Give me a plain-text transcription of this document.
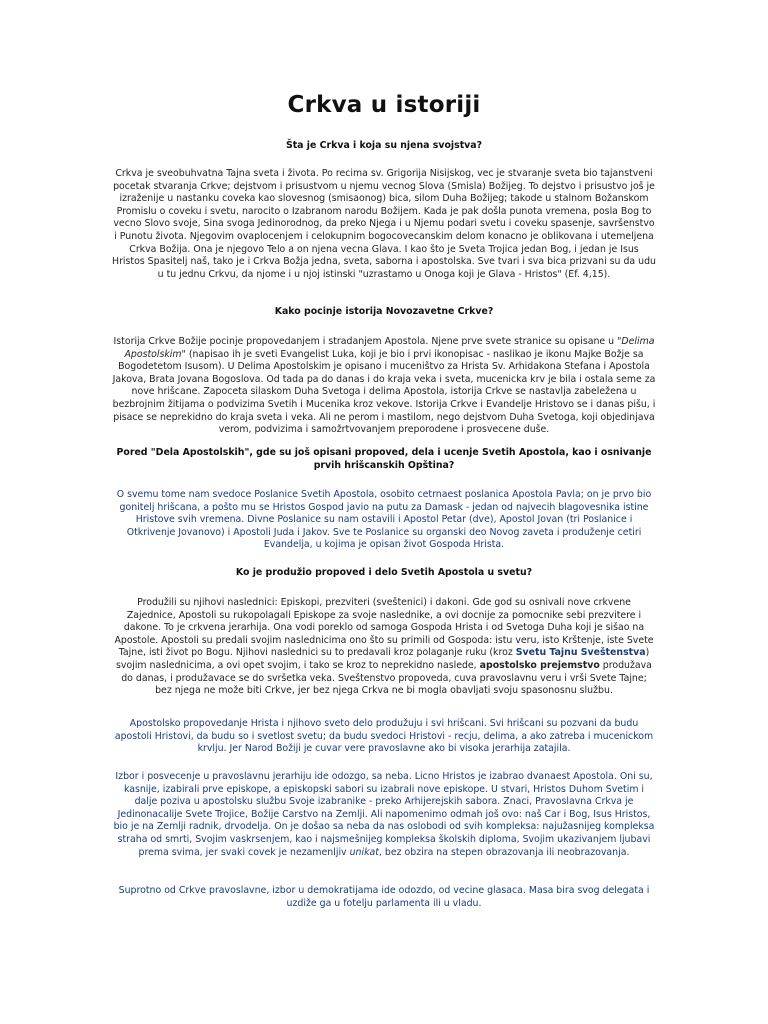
Crkva u istoriji
Šta je Crkva i koja su njena svojstva?
Crkva je sveobuhvatna Tajna sveta i života. Po recima sv. Grigorija Nisijskog, vec je stvaranje sveta bio tajanstveni pocetak stvaranja Crkve; dejstvom i prisustvom u njemu vecnog Slova (Smisla) Božijeg. To dejstvo i prisustvo još je izraženije u nastanku coveka kao slovesnog (smisaonog) bica, silom Duha Božijeg; takode u stalnom Božanskom Promislu o coveku i svetu, narocito o Izabranom narodu Božijem. Kada je pak došla punota vremena, posla Bog to vecno Slovo svoje, Sina svoga Jedinorodnog, da preko Njega i u Njemu podari svetu i coveku spasenje, savršenstvo i Punotu života. Njegovim ovaplocenjem i celokupnim bogocovecanskim delom konacno je oblikovana i utemeljena Crkva Božija. Ona je njegovo Telo a on njena vecna Glava. I kao što je Sveta Trojica jedan Bog, i jedan je Isus Hristos Spasitelj naš, tako je i Crkva Božja jedna, sveta, saborna i apostolska. Sve tvari i sva bica prizvani su da udu u tu jednu Crkvu, da njome i u njoj istinski "uzrastamo u Onoga koji je Glava - Hristos" (Ef. 4,15).
Kako pocinje istorija Novozavetne Crkve?
Istorija Crkve Božije pocinje propovedanjem i stradanjem Apostola. Njene prve svete stranice su opisane u "Delima Apostolskim" (napisao ih je sveti Evangelist Luka, koji je bio i prvi ikonopisac - naslikao je ikonu Majke Božje sa Bogodetetom Isusom). U Delima Apostolskim je opisano i muceništvo za Hrista Sv. Arhidakona Stefana i Apostola Jakova, Brata Jovana Bogoslova. Od tada pa do danas i do kraja veka i sveta, mucenicka krv je bila i ostala seme za nove hrišcane. Zapoceta silaskom Duha Svetoga i delima Apostola, istorija Crkve se nastavlja zabeležena u bezbrojnim žitijama o podvizima Svetih i Mucenika kroz vekove. Istorija Crkve i Evandelje Hristovo se i danas pišu, i pisace se neprekidno do kraja sveta i veka. Ali ne perom i mastilom, nego dejstvom Duha Svetoga, koji objedinjava verom, podvizima i samožrtvovanjem preporodene i prosvecene duše.
Pored "Dela Apostolskih", gde su još opisani propoved, dela i ucenje Svetih Apostola, kao i osnivanje prvih hrišcanskih Opština?
O svemu tome nam svedoce Poslanice Svetih Apostola, osobito cetrnaest poslanica Apostola Pavla; on je prvo bio gonitelj hrišcana, a pošto mu se Hristos Gospod javio na putu za Damask - jedan od najvecih blagovesnika istine Hristove svih vremena. Divne Poslanice su nam ostavili i Apostol Petar (dve), Apostol Jovan (tri Poslanice i Otkrivenje Jovanovo) i Apostoli Juda i Jakov. Sve te Poslanice su organski deo Novog zaveta i produženje cetiri Evandelja, u kojima je opisan život Gospoda Hrista.
Ko je produžio propoved i delo Svetih Apostola u svetu?
Produžili su njihovi naslednici: Episkopi, prezviteri (sveštenici) i dakoni. Gde god su osnivali nove crkvene Zajednice, Apostoli su rukopolagali Episkope za svoje naslednike, a ovi docnije za pomocnike sebi prezvitere i dakone. To je crkvena jerarhija. Ona vodi poreklo od samoga Gospoda Hrista i od Svetoga Duha koji je sišao na Apostole. Apostoli su predali svojim naslednicima ono što su primili od Gospoda: istu veru, isto Krštenje, iste Svete Tajne, isti život po Bogu. Njihovi naslednici su to predavali kroz polaganje ruku (kroz Svetu Tajnu Sveštenstva) svojim naslednicima, a ovi opet svojim, i tako se kroz to neprekidno naslede, apostolsko prejemstvo produžava do danas, i produžavace se do svršetka veka. Sveštenstvo propoveda, cuva pravoslavnu veru i vrši Svete Tajne; bez njega ne može biti Crkve, jer bez njega Crkva ne bi mogla obavljati svoju spasonosnu službu.
Apostolsko propovedanje Hrista i njihovo sveto delo produžuju i svi hrišcani. Svi hrišcani su pozvani da budu apostoli Hristovi, da budu so i svetlost svetu; da budu svedoci Hristovi - recju, delima, a ako zatreba i mucenickom krvlju. Jer Narod Božiji je cuvar vere pravoslavne ako bi visoka jerarhija zatajila.
Izbor i posvecenje u pravoslavnu jerarhiju ide odozgo, sa neba. Licno Hristos je izabrao dvanaest Apostola. Oni su, kasnije, izabirali prve episkope, a episkopski sabori su izabrali nove episkope. U stvari, Hristos Duhom Svetim i dalje poziva u apostolsku službu Svoje izabranike - preko Arhijerejskih sabora. Znaci, Pravoslavna Crkva je Jedinonacalije Svete Trojice, Božije Carstvo na Zemlji. Ali napomenimo odmah još ovo: naš Car i Bog, Isus Hristos, bio je na Zemlji radnik, drvodelja. On je došao sa neba da nas oslobodi od svih kompleksa: najužasnijeg kompleksa straha od smrti, Svojim vaskrsenjem, kao i najsmešnijeg kompleksa školskih diploma, Svojim ukazivanjem ljubavi prema svima, jer svaki covek je nezamenljiv unikat, bez obzira na stepen obrazovanja ili neobrazovanja.
Suprotno od Crkve pravoslavne, izbor u demokratijama ide odozdo, od vecine glasaca. Masa bira svog delegata i uzdiže ga u fotelju parlamenta ili u vladu.
